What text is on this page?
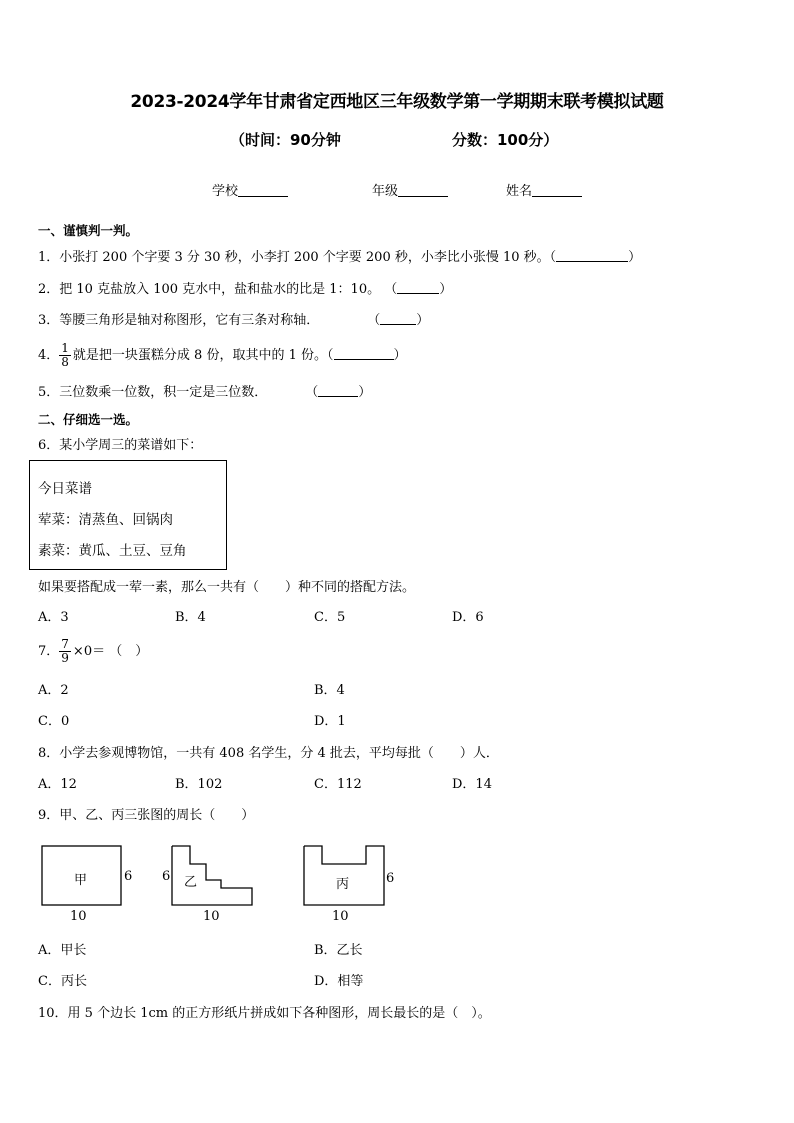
2023-2024学年甘肃省定西地区三年级数学第一学期期末联考模拟试题
（时间：90分钟	分数：100分）
学校	年级	姓名
一、谨慎判一判。
1．小张打 200 个字要 3 分 30 秒，小李打 200 个字要 200 秒，小李比小张慢 10 秒。（	）
2．把 10 克盐放入 100 克水中，盐和盐水的比是 1：10。 （	）
3．等腰三角形是轴对称图形，它有三条对称轴．	（	）
4． $\frac{1}{8}$ 就是把一块蛋糕分成 8 份，取其中的 1 份。（	）
5．三位数乘一位数，积一定是三位数．	（	）
二、仔细选一选。
6．某小学周三的菜谱如下：
今日菜谱
荤菜：清蒸鱼、回锅肉
素菜：黄瓜、土豆、豆角
如果要搭配成一荤一素，那么一共有（　　）种不同的搭配方法。
A．3	B．4	C．5	D．6
7． $\frac{7}{9} \times 0=$ （　）
A．2	B．4
C．0	D．1
8．小学去参观博物馆，一共有 408 名学生，分 4 批去，平均每批（　　）人．
A．12	B．102	C．112	D．14
9．甲、乙、丙三张图的周长（　　）
甲	6
10
乙
6
10
丙	6
10
A．甲长	B．乙长
C．丙长	D．相等
10．用 5 个边长 1cm 的正方形纸片拼成如下各种图形，周长最长的是（　）。
